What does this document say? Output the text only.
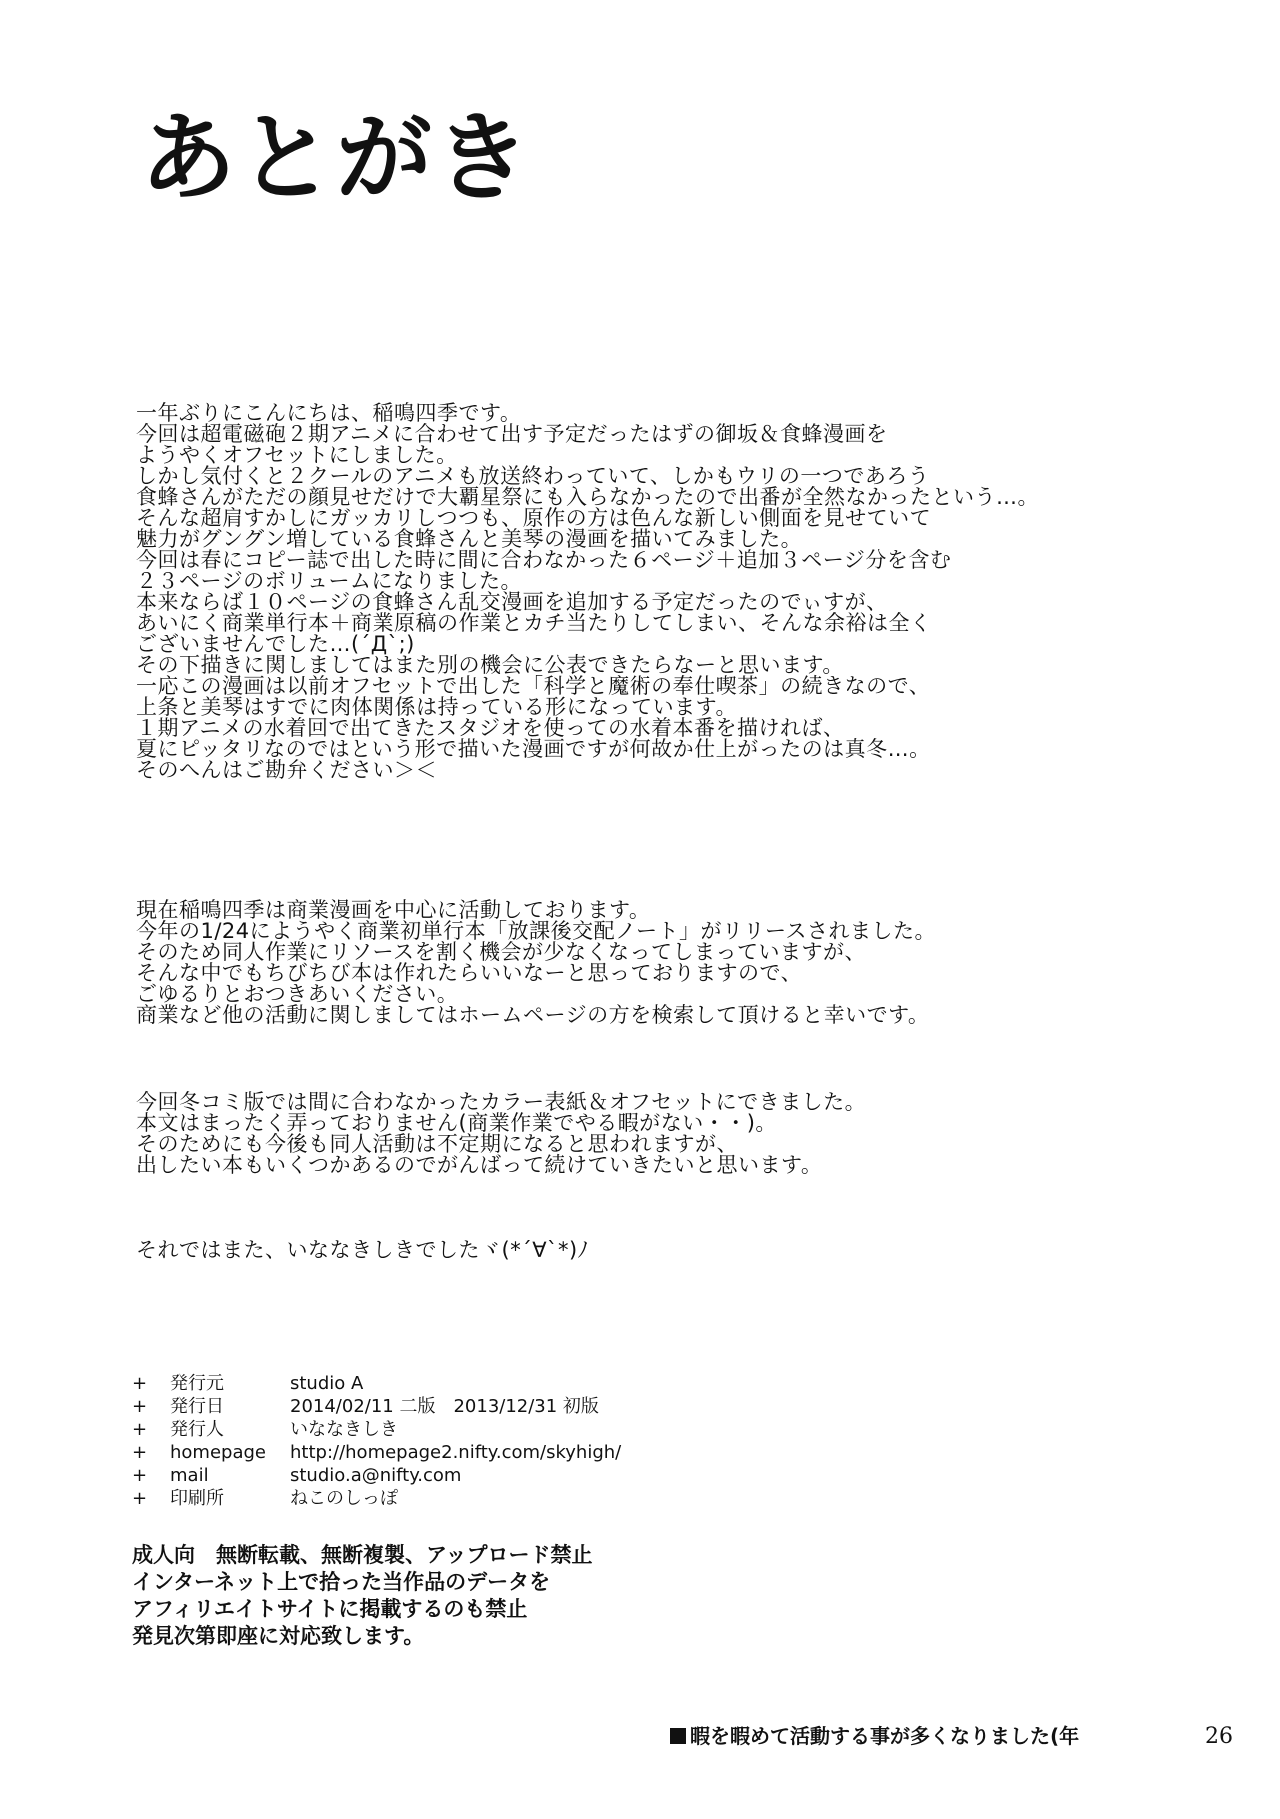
あとがき
一年ぶりにこんにちは、稲鳴四季です。
今回は超電磁砲２期アニメに合わせて出す予定だったはずの御坂＆食蜂漫画を
ようやくオフセットにしました。
しかし気付くと２クールのアニメも放送終わっていて、しかもウリの一つであろう
食蜂さんがただの顔見せだけで大覇星祭にも入らなかったので出番が全然なかったという…。
そんな超肩すかしにガッカリしつつも、原作の方は色んな新しい側面を見せていて
魅力がグングン増している食蜂さんと美琴の漫画を描いてみました。
今回は春にコピー誌で出した時に間に合わなかった６ページ＋追加３ページ分を含む
２３ページのボリュームになりました。
本来ならば１０ページの食蜂さん乱交漫画を追加する予定だったのでぃすが、
あいにく商業単行本＋商業原稿の作業とカチ当たりしてしまい、そんな余裕は全く
ございませんでした…(´Д`;)
その下描きに関しましてはまた別の機会に公表できたらなーと思います。
一応この漫画は以前オフセットで出した「科学と魔術の奉仕喫茶」の続きなので、
上条と美琴はすでに肉体関係は持っている形になっています。
１期アニメの水着回で出てきたスタジオを使っての水着本番を描ければ、
夏にピッタリなのではという形で描いた漫画ですが何故か仕上がったのは真冬…。
そのへんはご勘弁ください＞＜
現在稲鳴四季は商業漫画を中心に活動しております。
今年の1/24にようやく商業初単行本「放課後交配ノート」がリリースされました。
そのため同人作業にリソースを割く機会が少なくなってしまっていますが、
そんな中でもちびちび本は作れたらいいなーと思っておりますので、
ごゆるりとおつきあいください。
商業など他の活動に関しましてはホームページの方を検索して頂けると幸いです。
今回冬コミ版では間に合わなかったカラー表紙＆オフセットにできました。
本文はまったく弄っておりません(商業作業でやる暇がない・・)。
そのためにも今後も同人活動は不定期になると思われますが、
出したい本もいくつかあるのでがんばって続けていきたいと思います。
それではまた、いななきしきでしたヾ(*´∀`*)ﾉ
+	発行元	studio A
+	発行日	2014/02/11 二版　2013/12/31 初版
+	発行人	いななきしき
+	homepage	http://homepage2.nifty.com/skyhigh/
+	mail	studio.a@nifty.com
+	印刷所	ねこのしっぽ
成人向　無断転載、無断複製、アップロード禁止
インターネット上で拾った当作品のデータを
アフィリエイトサイトに掲載するのも禁止
発見次第即座に対応致します。
暇を暇めて活動する事が多くなりました(年	26
